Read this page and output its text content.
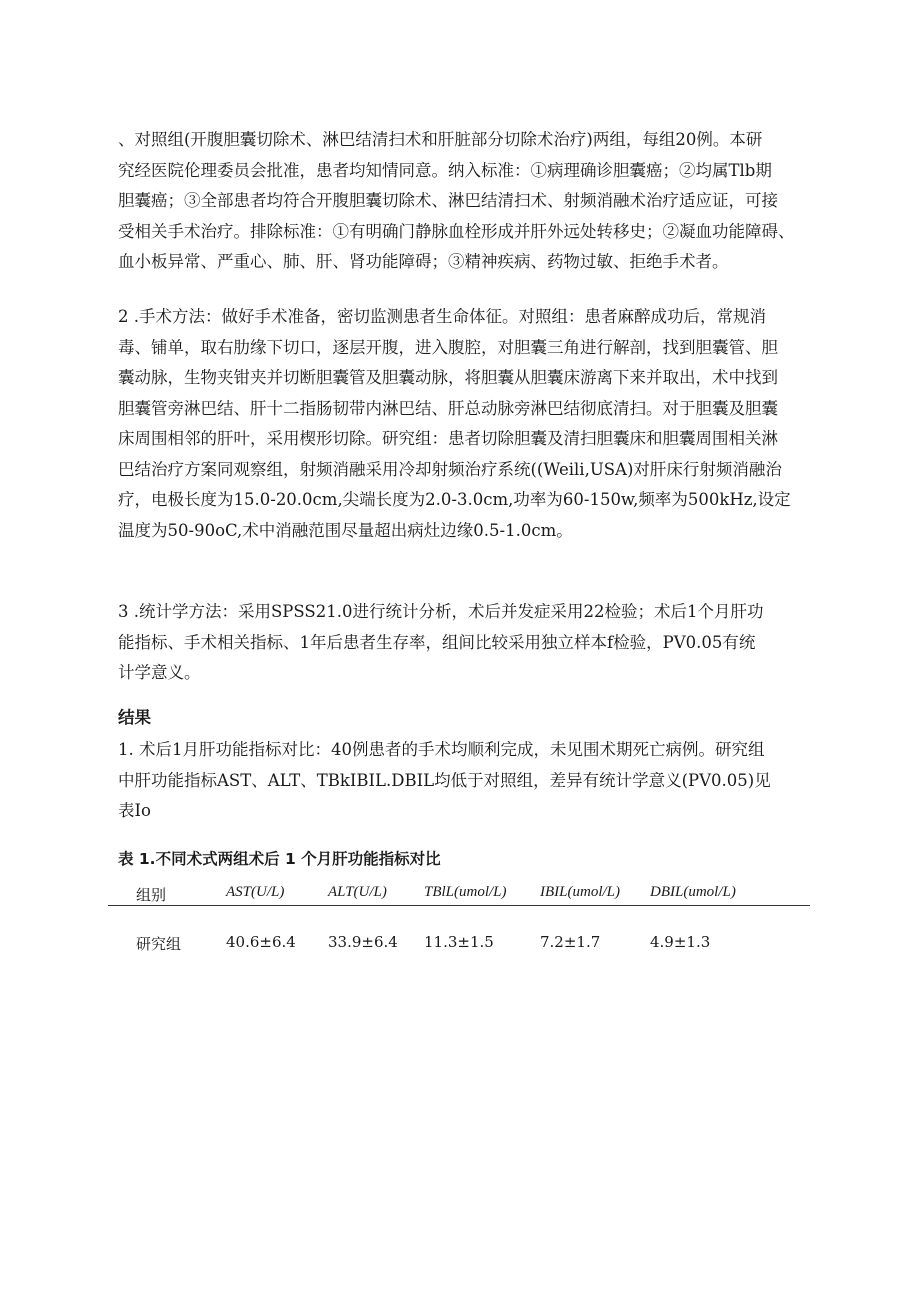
、对照组(开腹胆囊切除术、淋巴结清扫术和肝脏部分切除术治疗)两组，每组20例。本研
究经医院伦理委员会批准，患者均知情同意。纳入标准：①病理确诊胆囊癌；②均属Tlb期
胆囊癌；③全部患者均符合开腹胆囊切除术、淋巴结清扫术、射频消融术治疗适应证，可接
受相关手术治疗。排除标准：①有明确门静脉血栓形成并肝外远处转移史；②凝血功能障碍、
血小板异常、严重心、肺、肝、肾功能障碍；③精神疾病、药物过敏、拒绝手术者。
2 .手术方法：做好手术准备，密切监测患者生命体征。对照组：患者麻醉成功后，常规消
毒、铺单，取右肋缘下切口，逐层开腹，进入腹腔，对胆囊三角进行解剖，找到胆囊管、胆
囊动脉，生物夹钳夹并切断胆囊管及胆囊动脉，将胆囊从胆囊床游离下来并取出，术中找到
胆囊管旁淋巴结、肝十二指肠韧带内淋巴结、肝总动脉旁淋巴结彻底清扫。对于胆囊及胆囊
床周围相邻的肝叶，采用楔形切除。研究组：患者切除胆囊及清扫胆囊床和胆囊周围相关淋
巴结治疗方案同观察组，射频消融采用冷却射频治疗系统((Weili,USA)对肝床行射频消融治
疗，电极长度为15.0-20.0cm,尖端长度为2.0-3.0cm,功率为60-150w,频率为500kHz,设定
温度为50-90oC,术中消融范围尽量超出病灶边缘0.5-1.0cm。
3 .统计学方法：采用SPSS21.0进行统计分析，术后并发症采用22检验；术后1个月肝功
能指标、手术相关指标、1年后患者生存率，组间比较采用独立样本f检验，PV0.05有统
计学意义。

结果

1. 术后1月肝功能指标对比：40例患者的手术均顺利完成，未见围术期死亡病例。研究组
中肝功能指标AST、ALT、TBkIBIL.DBIL均低于对照组，差异有统计学意义(PV0.05)见
表Io

表 1.不同术式两组术后 1 个月肝功能指标对比

组别	AST(U/L)	ALT(U/L) TBlL(umol/L) IBIL(umol/L) DBIL(umol/L)
研究组	40.6±6.4 33.9±6.4 11.3±1.5	7.2±1.7	4.9±1.3
